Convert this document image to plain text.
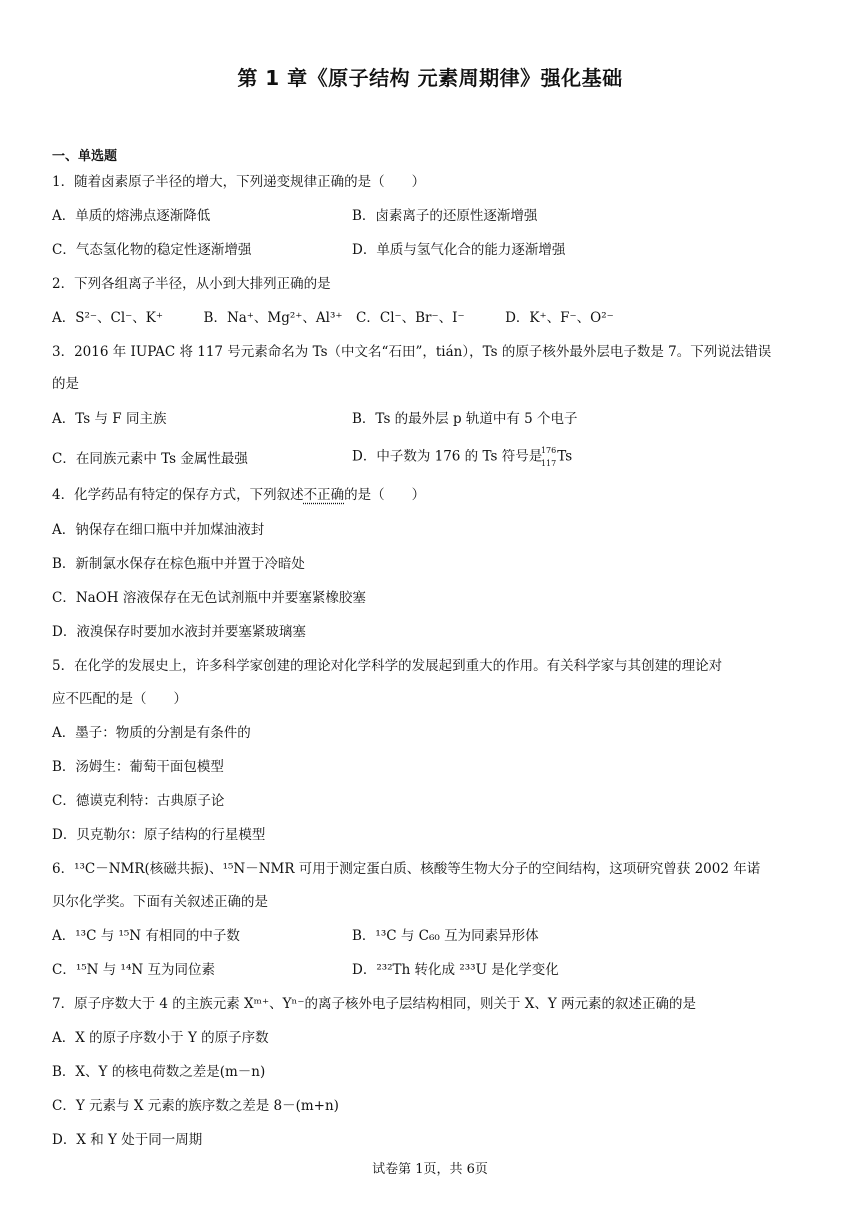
第 1 章《原子结构 元素周期律》强化基础
一、单选题
1．随着卤素原子半径的增大，下列递变规律正确的是（　　）
A．单质的熔沸点逐渐降低	B．卤素离子的还原性逐渐增强
C．气态氢化物的稳定性逐渐增强	D．单质与氢气化合的能力逐渐增强
2．下列各组离子半径，从小到大排列正确的是
A．S²⁻、Cl⁻、K⁺　　　B．Na⁺、Mg²⁺、Al³⁺　C．Cl⁻、Br⁻、I⁻　　　D．K⁺、F⁻、O²⁻
3．2016 年 IUPAC 将 117 号元素命名为 Ts（中文名“石田”，tián），Ts 的原子核外最外层电子数是 7。下列说法错误
的是
A．Ts 与 F 同主族	B．Ts 的最外层 p 轨道中有 5 个电子
C．在同族元素中 Ts 金属性最强	D．中子数为 176 的 Ts 符号是
176
117 Ts
4．化学药品有特定的保存方式，下列叙述不正确的是（　　）
A．钠保存在细口瓶中并加煤油液封
B．新制氯水保存在棕色瓶中并置于冷暗处
C．NaOH 溶液保存在无色试剂瓶中并要塞紧橡胶塞
D．液溴保存时要加水液封并要塞紧玻璃塞
5．在化学的发展史上，许多科学家创建的理论对化学科学的发展起到重大的作用。有关科学家与其创建的理论对
应不匹配的是（　　）
A．墨子：物质的分割是有条件的
B．汤姆生：葡萄干面包模型
C．德谟克利特：古典原子论
D．贝克勒尔：原子结构的行星模型
6．¹³C－NMR(核磁共振)、¹⁵N－NMR 可用于测定蛋白质、核酸等生物大分子的空间结构，这项研究曾获 2002 年诺
贝尔化学奖。下面有关叙述正确的是
A．¹³C 与 ¹⁵N 有相同的中子数	B．¹³C 与 C₆₀ 互为同素异形体
C．¹⁵N 与 ¹⁴N 互为同位素	D．²³²Th 转化成 ²³³U 是化学变化
7．原子序数大于 4 的主族元素 Xᵐ⁺、Yⁿ⁻的离子核外电子层结构相同，则关于 X、Y 两元素的叙述正确的是
A．X 的原子序数小于 Y 的原子序数
B．X、Y 的核电荷数之差是(m－n)
C．Y 元素与 X 元素的族序数之差是 8－(m+n)
D．X 和 Y 处于同一周期
试卷第 1页，共 6页
